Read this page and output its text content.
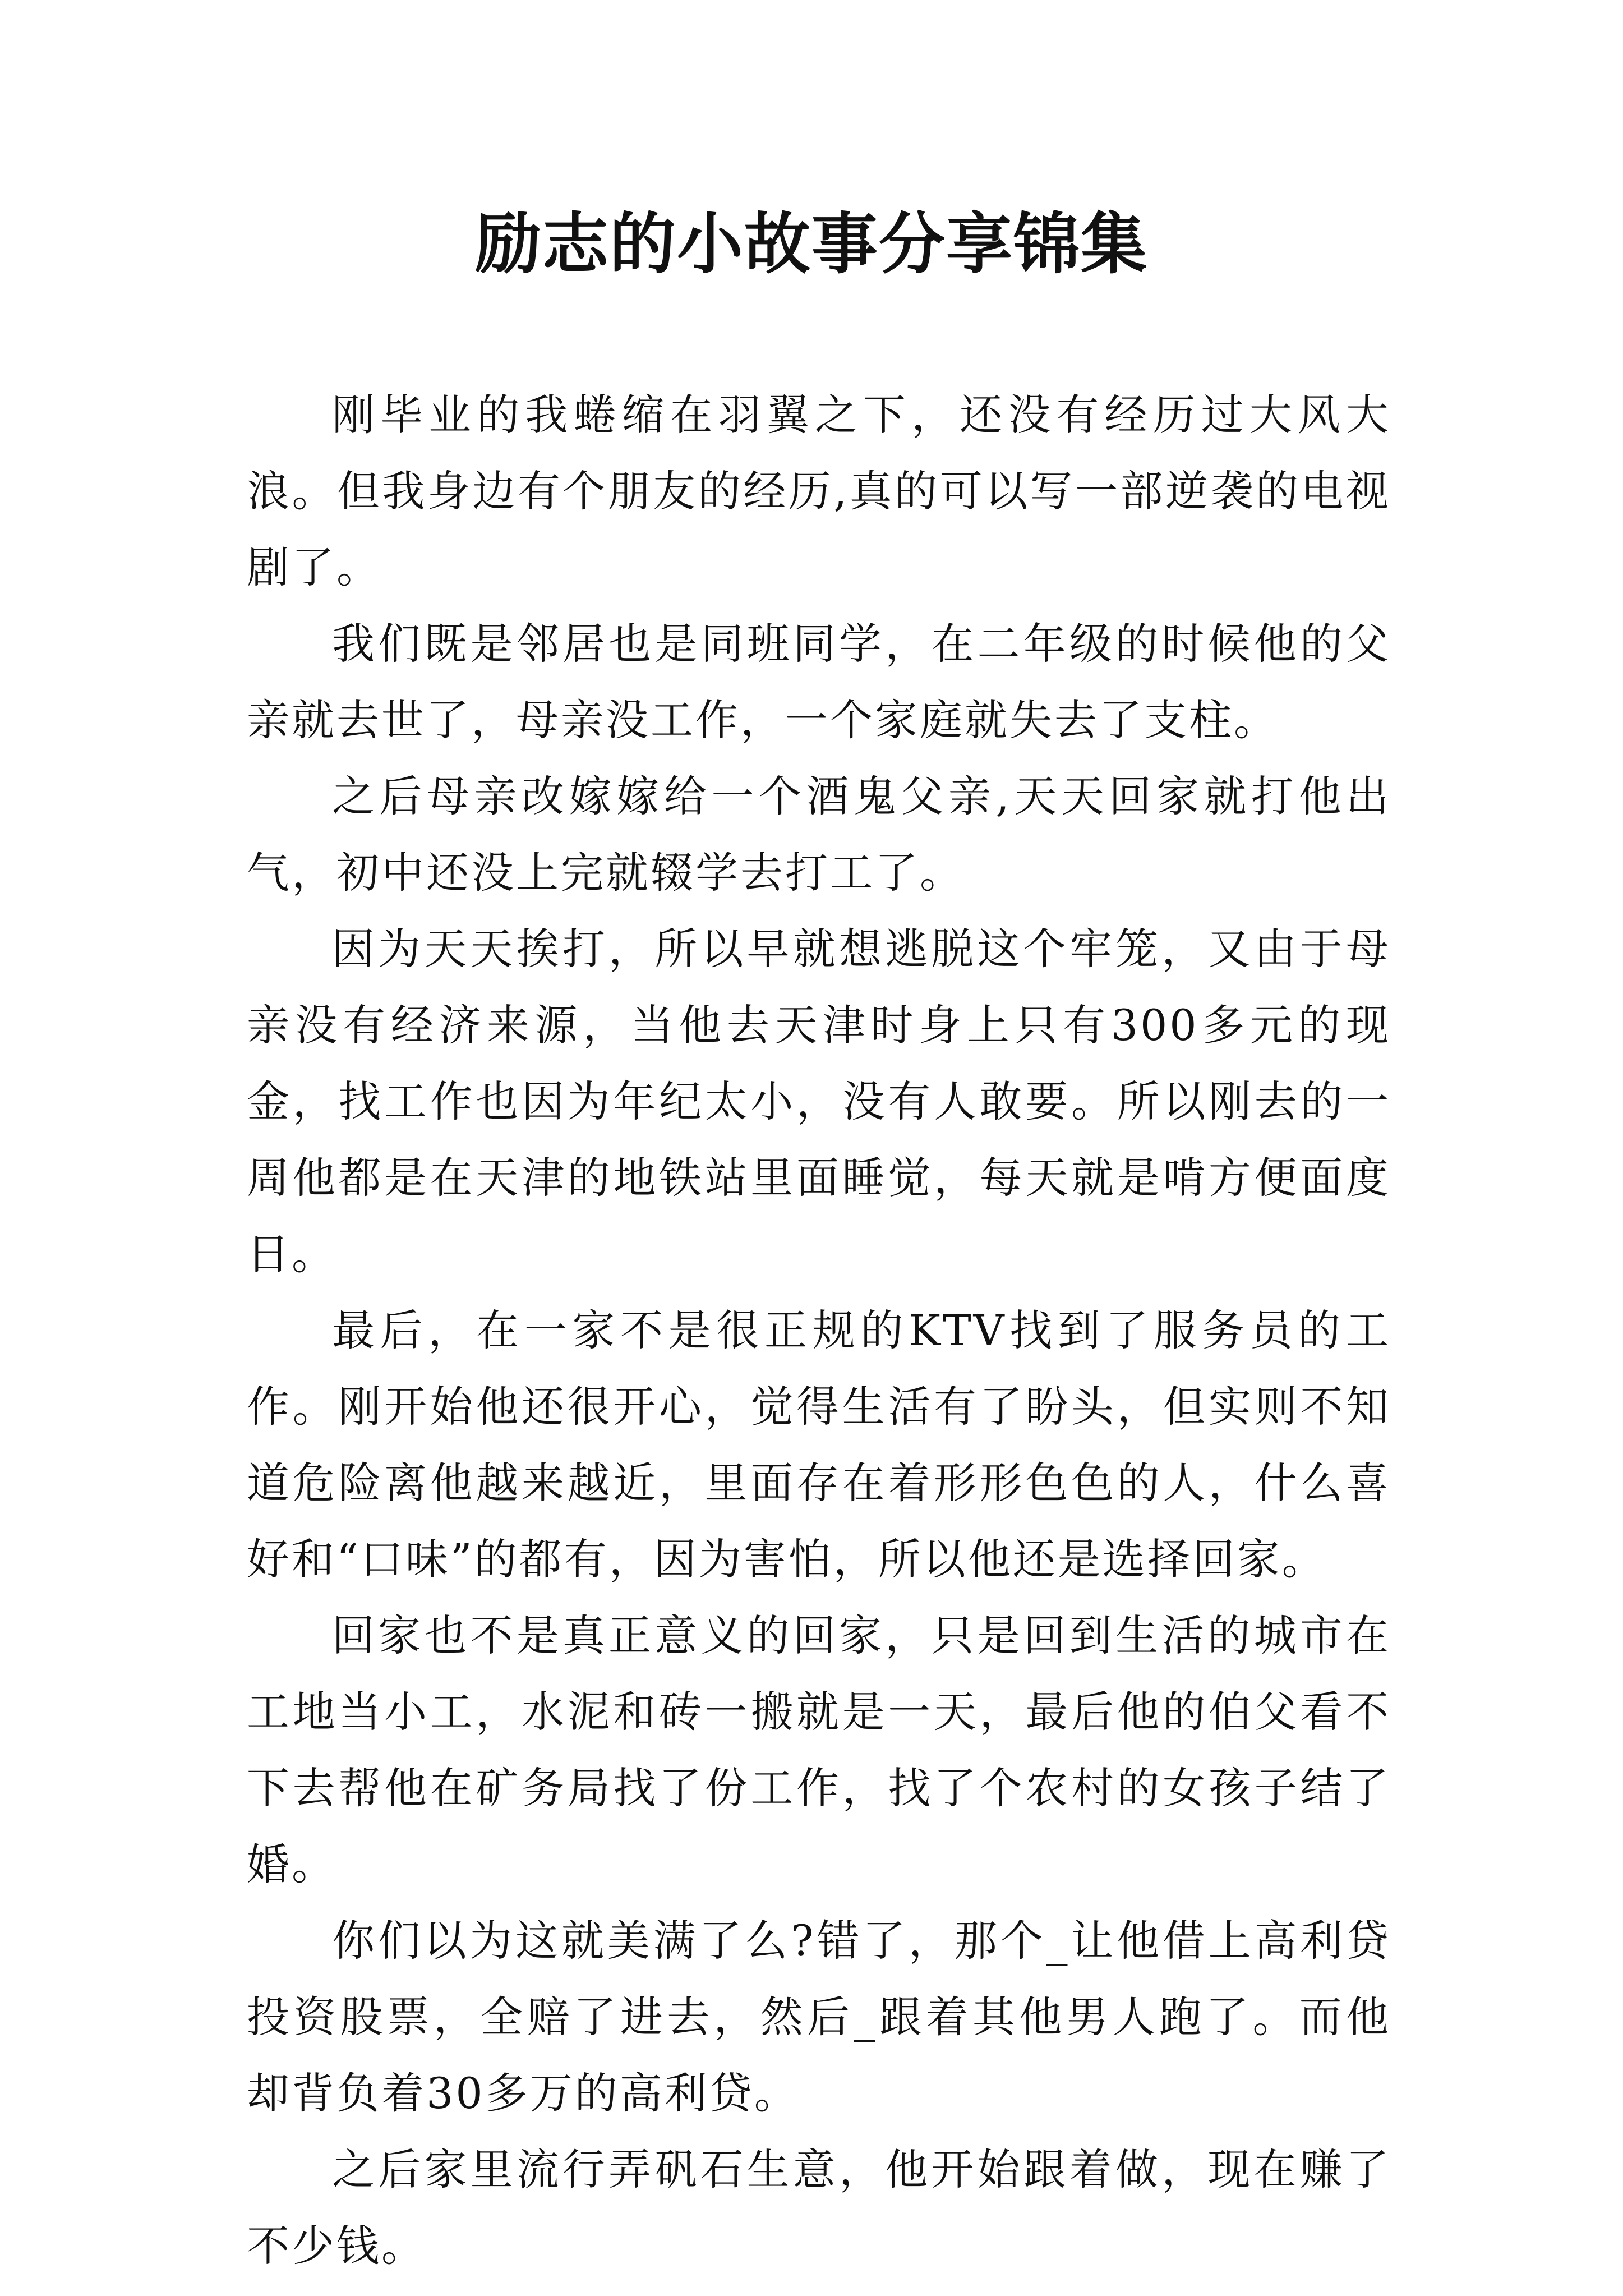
励志的小故事分享锦集

刚毕业的我蜷缩在羽翼之下，还没有经历过大风大浪。但我身边有个朋友的经历,真的可以写一部逆袭的电视剧了。

我们既是邻居也是同班同学，在二年级的时候他的父亲就去世了，母亲没工作，一个家庭就失去了支柱。

之后母亲改嫁嫁给一个酒鬼父亲,天天回家就打他出气，初中还没上完就辍学去打工了。

因为天天挨打，所以早就想逃脱这个牢笼，又由于母亲没有经济来源，当他去天津时身上只有300多元的现金，找工作也因为年纪太小，没有人敢要。所以刚去的一周他都是在天津的地铁站里面睡觉，每天就是啃方便面度日。

最后，在一家不是很正规的KTV找到了服务员的工作。刚开始他还很开心，觉得生活有了盼头，但实则不知道危险离他越来越近，里面存在着形形色色的人，什么喜好和“口味”的都有，因为害怕，所以他还是选择回家。

回家也不是真正意义的回家，只是回到生活的城市在工地当小工，水泥和砖一搬就是一天，最后他的伯父看不下去帮他在矿务局找了份工作，找了个农村的女孩子结了婚。

你们以为这就美满了么?错了，那个_让他借上高利贷投资股票，全赔了进去，然后_跟着其他男人跑了。而他却背负着30多万的高利贷。

之后家里流行弄矾石生意，他开始跟着做，现在赚了不少钱。
